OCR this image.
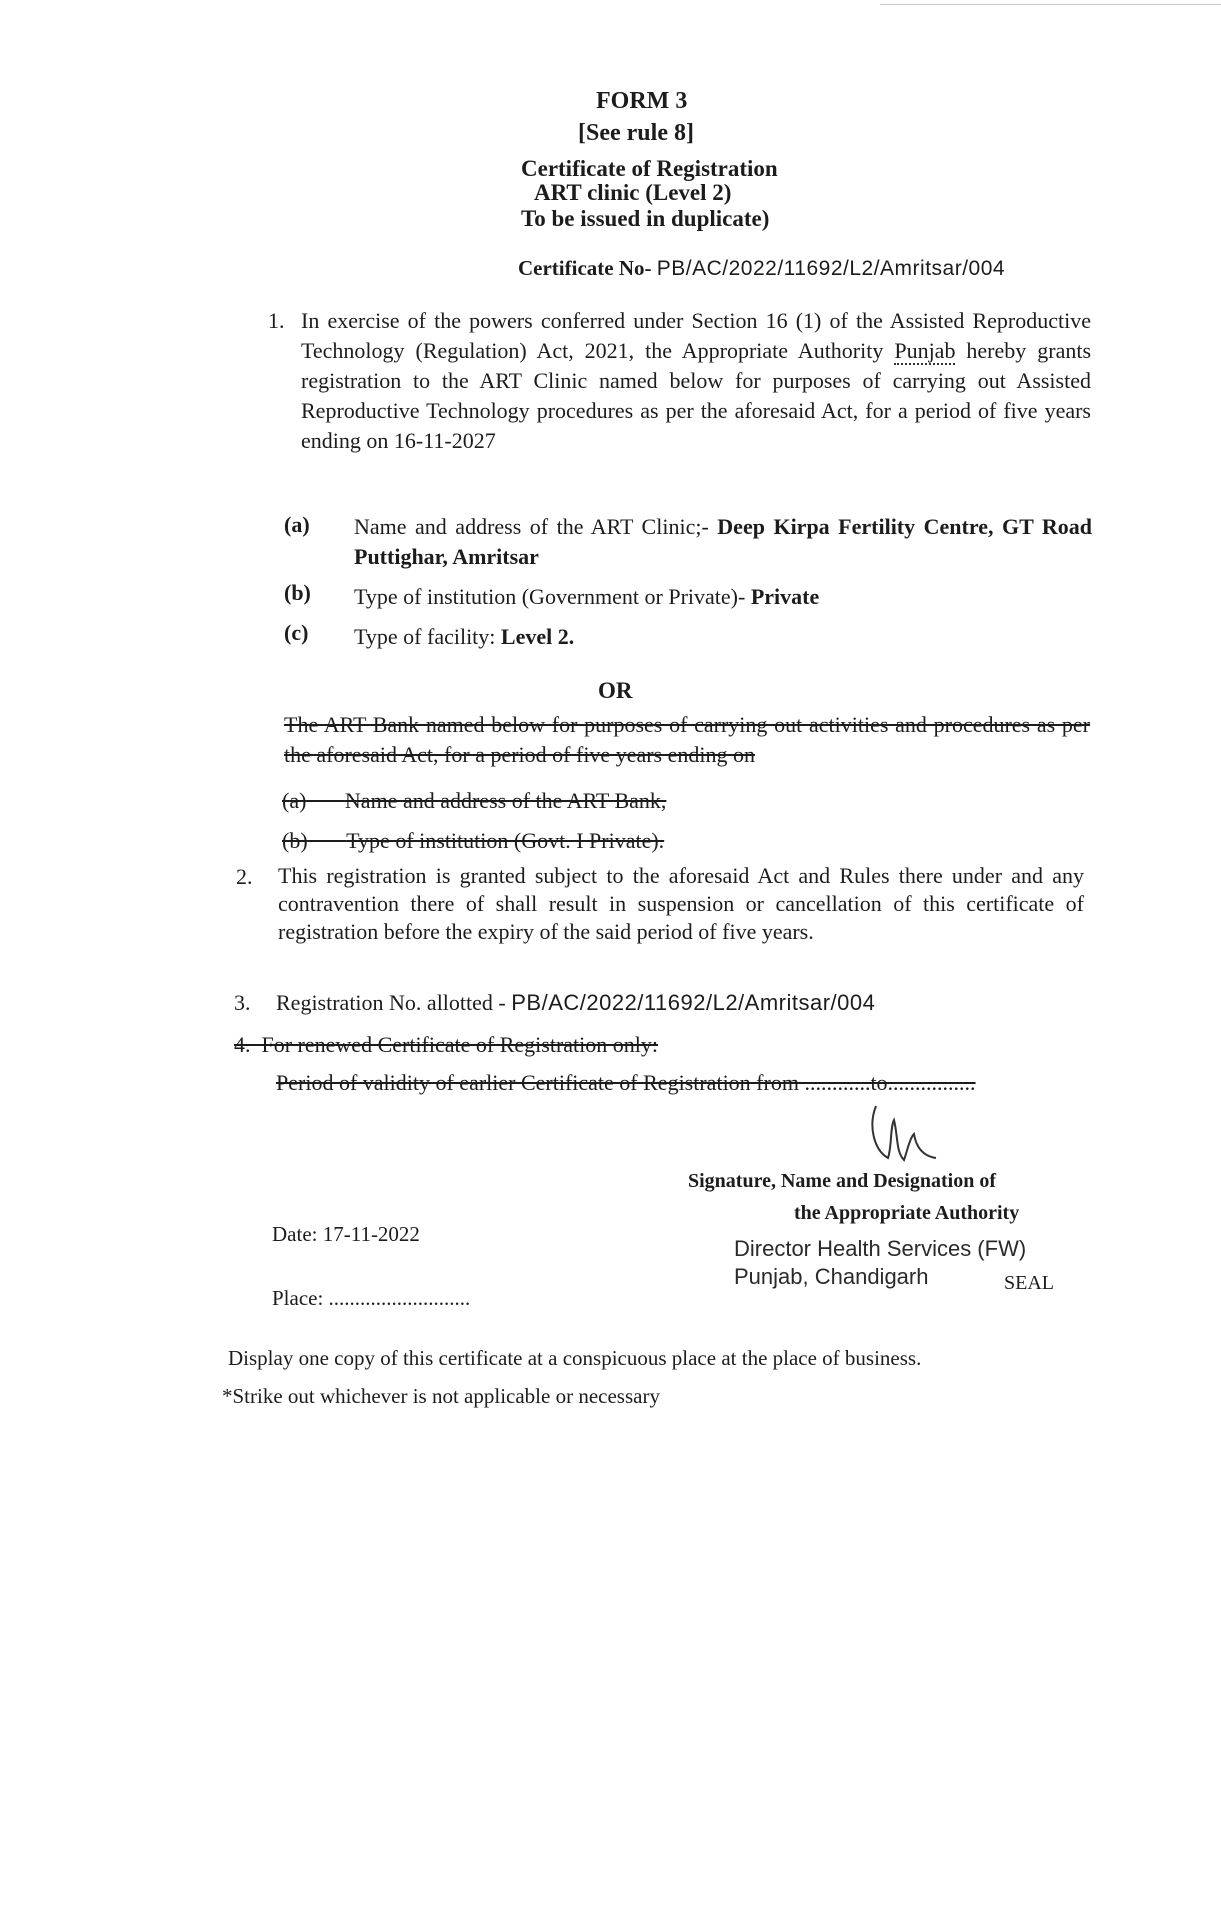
FORM 3
[See rule 8]
Certificate of Registration
ART clinic (Level 2)
To be issued in duplicate)
Certificate No- PB/AC/2022/11692/L2/Amritsar/004
1. In exercise of the powers conferred under Section 16 (1) of the Assisted Reproductive Technology (Regulation) Act, 2021, the Appropriate Authority Punjab hereby grants registration to the ART Clinic named below for purposes of carrying out Assisted Reproductive Technology procedures as per the aforesaid Act, for a period of five years ending on 16-11-2027
(a) Name and address of the ART Clinic;- Deep Kirpa Fertility Centre, GT Road Puttighar, Amritsar
(b) Type of institution (Government or Private)- Private
(c) Type of facility: Level 2.
OR
The ART Bank named below for purposes of carrying out activities and procedures as per the aforesaid Act, for a period of five years ending on
(a) Name and address of the ART Bank,
(b) Type of institution (Govt. I Private).
2. This registration is granted subject to the aforesaid Act and Rules there under and any contravention there of shall result in suspension or cancellation of this certificate of registration before the expiry of the said period of five years.
3. Registration No. allotted - PB/AC/2022/11692/L2/Amritsar/004
4. For renewed Certificate of Registration only:
Period of validity of earlier Certificate of Registration from ............to................
Signature, Name and Designation of
the Appropriate Authority
Director Health Services (FW)
Punjab, Chandigarh	SEAL
Date: 17-11-2022
Place: ...........................
Display one copy of this certificate at a conspicuous place at the place of business.
*Strike out whichever is not applicable or necessary
